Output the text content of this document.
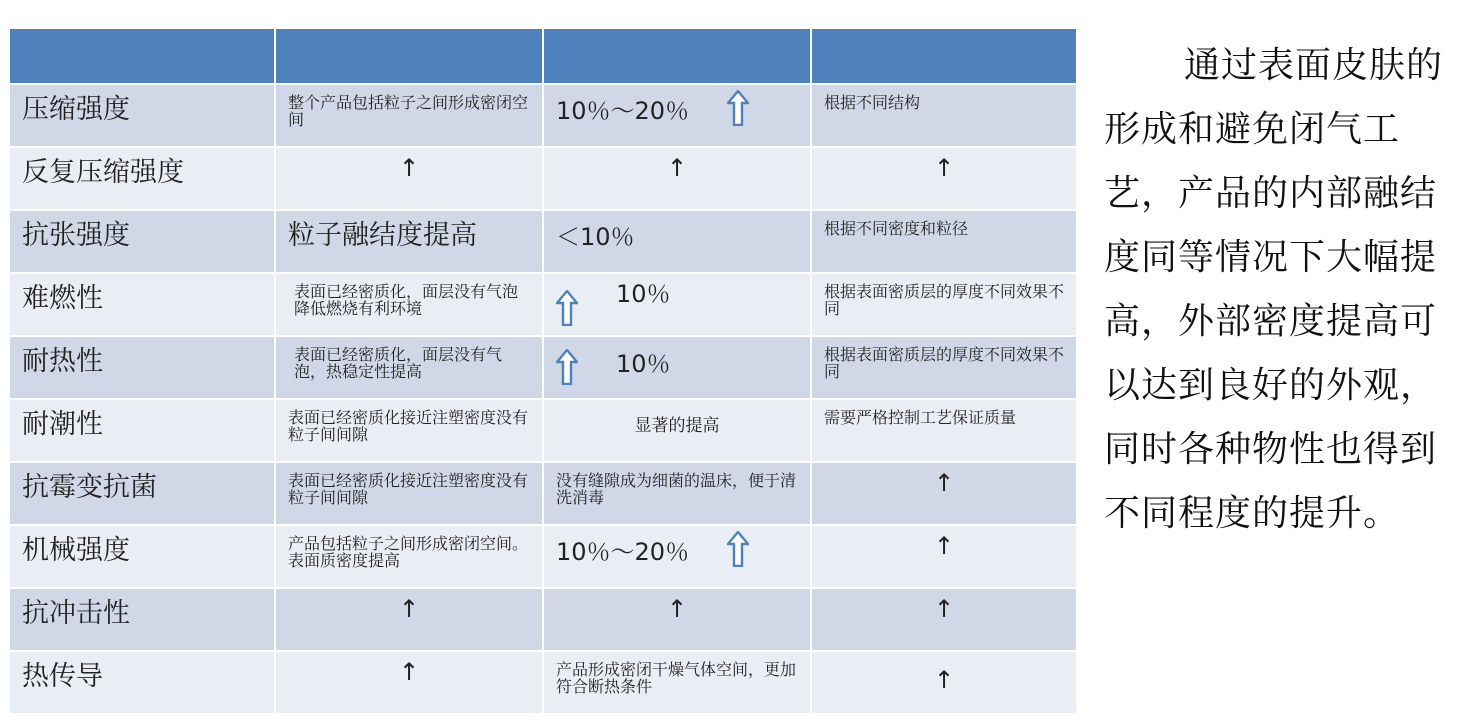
压缩强度	整个产品包括粒子之间形成密闭空间	10％～20％	根据不同结构
反复压缩强度	↑	↑	↑
抗张强度	粒子融结度提高	＜10％	根据不同密度和粒径
难燃性	表面已经密质化，面层没有气泡降低燃烧有利环境	10％	根据表面密质层的厚度不同效果不同
耐热性	表面已经密质化，面层没有气泡，热稳定性提高	10％	根据表面密质层的厚度不同效果不同
耐潮性	表面已经密质化接近注塑密度没有粒子间间隙	显著的提高	需要严格控制工艺保证质量
抗霉变抗菌	表面已经密质化接近注塑密度没有粒子间间隙	没有缝隙成为细菌的温床，便于清洗消毒	↑
机械强度	产品包括粒子之间形成密闭空间。表面质密度提高	10％～20％	↑
抗冲击性	↑	↑	↑
热传导	↑	产品形成密闭干燥气体空间，更加符合断热条件	↑
通过表面皮肤的形成和避免闭气工艺，产品的内部融结度同等情况下大幅提高，外部密度提高可以达到良好的外观，同时各种物性也得到不同程度的提升。
